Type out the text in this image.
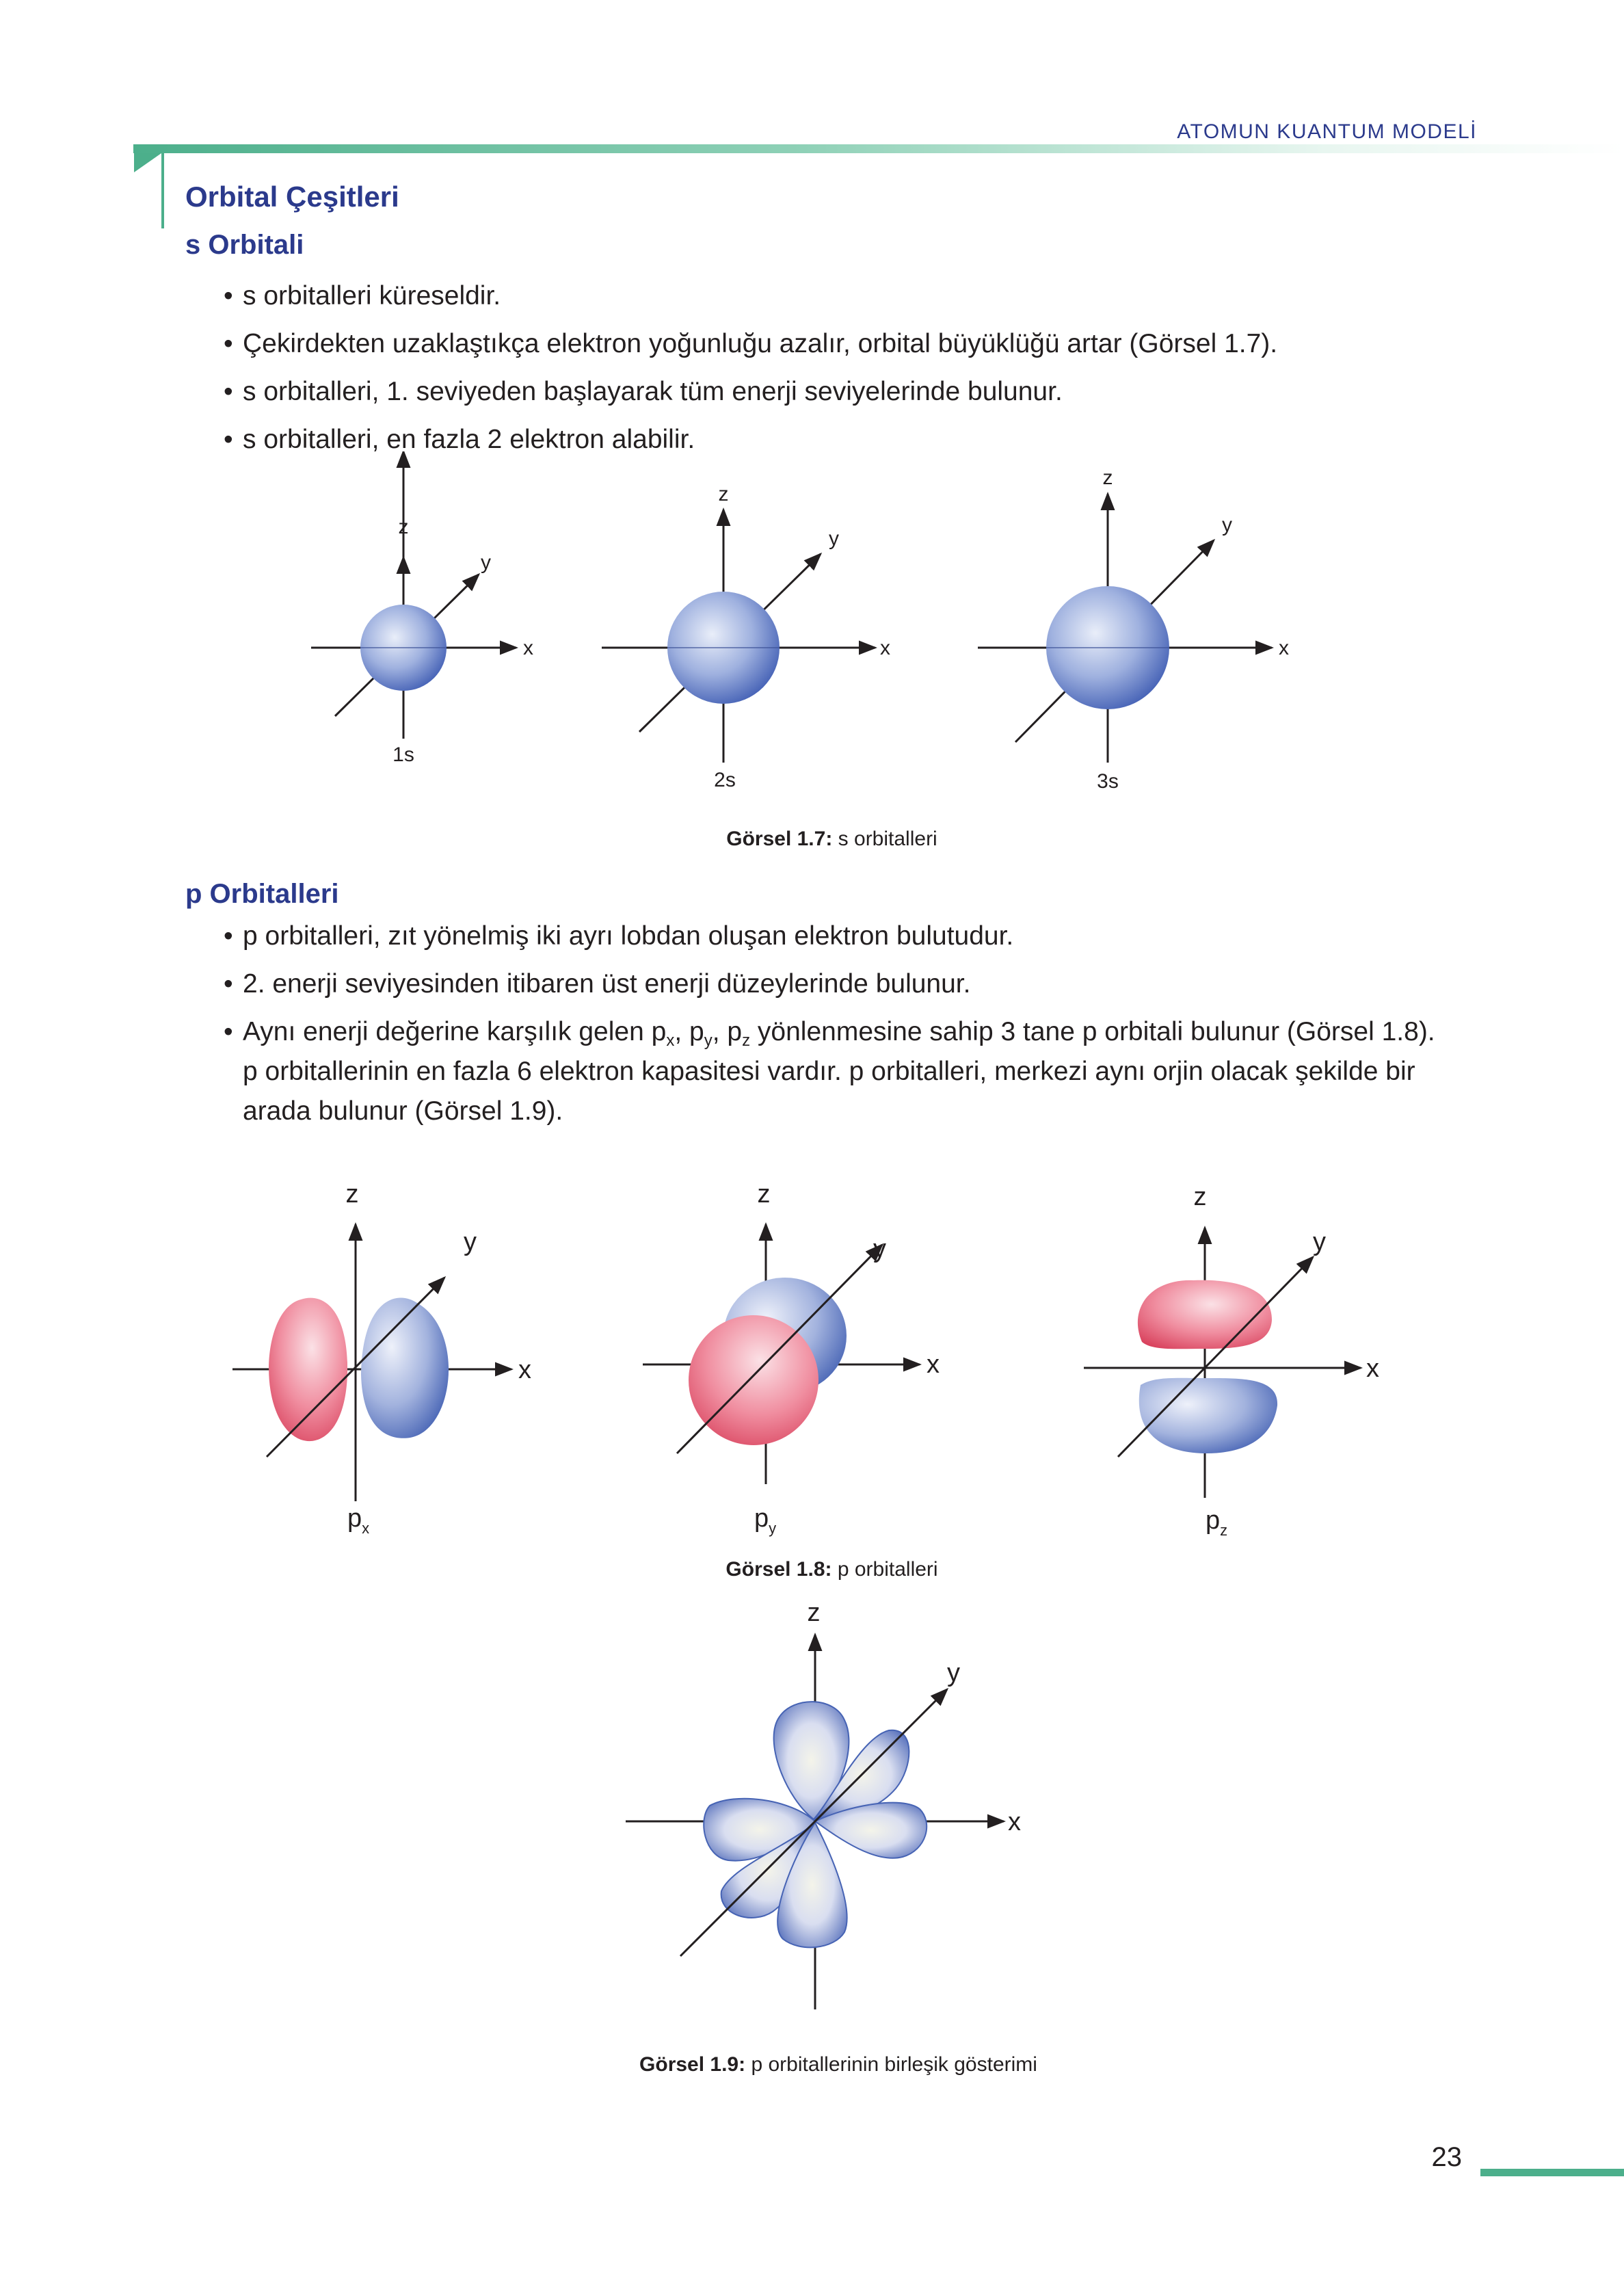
ATOMUN KUANTUM MODELİ
Orbital Çeşitleri
s Orbitali
• s orbitalleri küreseldir.
• Çekirdekten uzaklaştıkça elektron yoğunluğu azalır, orbital büyüklüğü artar (Görsel 1.7).
• s orbitalleri, 1. seviyeden başlayarak tüm enerji seviyelerinde bulunur.
• s orbitalleri, en fazla 2 elektron alabilir.
z
x
y
1s
z
x
y
2s
z
x
y
3s
Görsel 1.7: s orbitalleri
p Orbitalleri
• p orbitalleri, zıt yönelmiş iki ayrı lobdan oluşan elektron bulutudur.
• 2. enerji seviyesinden itibaren üst enerji düzeylerinde bulunur.
• Aynı enerji değerine karşılık gelen $p_x$, $p_y$, $p_z$ yönlenmesine sahip 3 tane p orbitali bulunur (Görsel 1.8).
p orbitallerinin en fazla 6 elektron kapasitesi vardır. p orbitalleri, merkezi aynı orjin olacak şekilde bir
arada bulunur (Görsel 1.9).
z
x
y
$p_x$
z
x
y
$p_y$
z
x
y
$p_z$
Görsel 1.8: p orbitalleri
z
x
y
Görsel 1.9: p orbitallerinin birleşik gösterimi
23
